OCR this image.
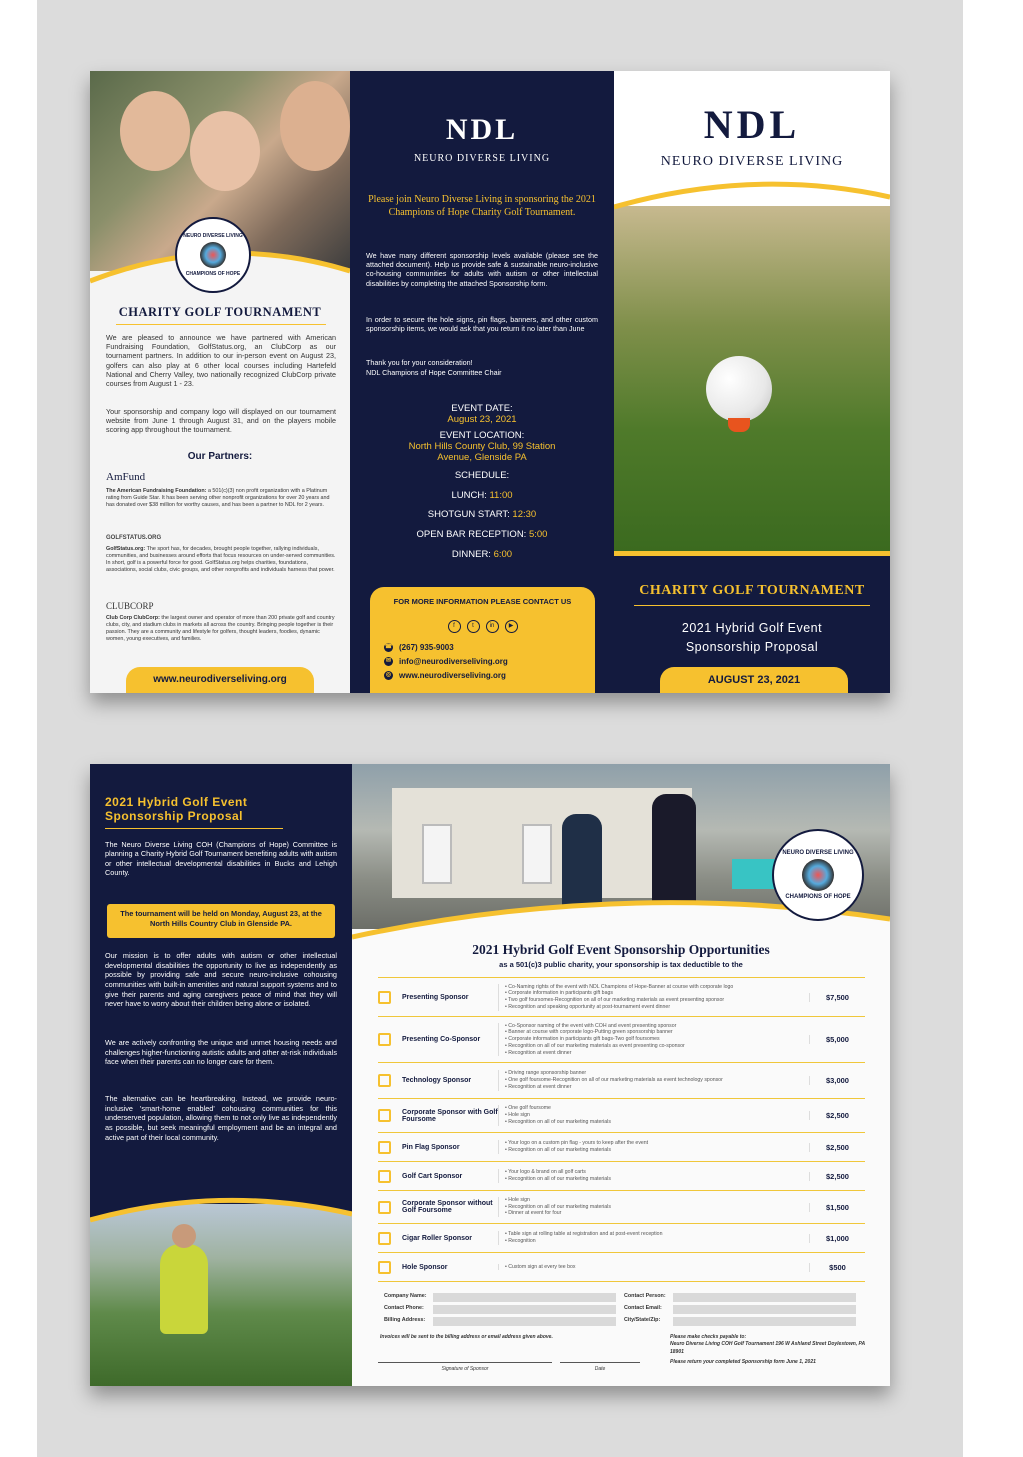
NEURO DIVERSE LIVING
CHAMPIONS OF HOPE
CHARITY GOLF TOURNAMENT

We are pleased to announce we have partnered with American Fundraising Foundation, GolfStatus.org, an ClubCorp as our tournament partners. In addition to our in-person event on August 23, golfers can also play at 6 other local courses including Hartefeld National and Cherry Valley, two nationally recognized ClubCorp private courses from August 1 - 23.

Your sponsorship and company logo will displayed on our tournament website from June 1 through August 31, and on the players mobile scoring app throughout the tournament.

Our Partners:
AmFund

The American Fundraising Foundation: a 501(c)(3) non profit organization with a Platinum rating from Guide Star. It has been serving other nonprofit organizations for over 20 years and has donated over $38 million for worthy causes, and has been a partner to NDL for 2 years.

GOLFSTATUS.ORG

GolfStatus.org: The sport has, for decades, brought people together, rallying individuals, communities, and businesses around efforts that focus resources on under-served communities. In short, golf is a powerful force for good. GolfStatus.org helps charities, foundations, associations, social clubs, civic groups, and other nonprofits and individuals harness that power.

CLUBCORP

Club Corp ClubCorp: the largest owner and operator of more than 200 private golf and country clubs, city, and stadium clubs in markets all across the country. Bringing people together is their passion. They are a community and lifestyle for golfers, thought leaders, foodies, dynamic women, young executives, and families.

www.neurodiverseliving.org
NDL
NEURO DIVERSE LIVING

Please join Neuro Diverse Living in sponsoring the 2021 Champions of Hope Charity Golf Tournament.

We have many different sponsorship levels available (please see the attached document). Help us provide safe & sustainable neuro-inclusive co-housing communities for adults with autism or other intellectual disabilities by completing the attached Sponsorship form.

In order to secure the hole signs, pin flags, banners, and other custom sponsorship items, we would ask that you return it no later than June

Thank you for your consideration!

NDL Champions of Hope Committee Chair

EVENT DATE:
August 23, 2021
EVENT LOCATION:
North Hills County Club, 99 Station Avenue, Glenside PA
SCHEDULE:
LUNCH: 11:00
SHOTGUN START: 12:30
OPEN BAR RECEPTION: 5:00
DINNER: 6:00
FOR MORE INFORMATION PLEASE CONTACT US
f	t	in ▶
☎ (267) 935-9003
✉ info@neurodiverseliving.org
◎ www.neurodiverseliving.org
NDL
NEURO DIVERSE LIVING
CHARITY GOLF TOURNAMENT
2021 Hybrid Golf Event
Sponsorship Proposal
AUGUST 23, 2021
2021 Hybrid Golf Event
Sponsorship Proposal

The Neuro Diverse Living COH (Champions of Hope) Committee is planning a Charity Hybrid Golf Tournament benefiting adults with autism or other intellectual developmental disabilities in Bucks and Lehigh County.

The tournament will be held on Monday, August 23, at the North Hills Country Club in Glenside PA.

Our mission is to offer adults with autism or other intellectual developmental disabilities the opportunity to live as independently as possible by providing safe and secure neuro-inclusive cohousing communities with built-in amenities and natural support systems and to give their parents and aging caregivers peace of mind that they will never have to worry about their children being alone or isolated.

We are actively confronting the unique and unmet housing needs and challenges higher-functioning autistic adults and other at-risk individuals face when their parents can no longer care for them.

The alternative can be heartbreaking. Instead, we provide neuro-inclusive 'smart-home enabled' cohousing communities for this underserved population, allowing them to not only live as independently as possible, but seek meaningful employment and be an integral and active part of their local community.

NEURO DIVERSE LIVING
CHAMPIONS OF HOPE
2021 Hybrid Golf Event Sponsorship Opportunities
as a 501(c)3 public charity, your sponsorship is tax deductible to the
Presenting Sponsor
• Co-Naming rights of the event with NDL Champions of Hope-Banner at course with corporate logo
• Corporate information in participants gift bags
• Two golf foursomes-Recognition on all of our marketing materials as event presenting sponsor
• Recognition and speaking opportunity at post-tournament event dinner
$7,500
Presenting Co-Sponsor
• Co-Sponsor naming of the event with COH and event presenting sponsor
• Banner at course with corporate logo-Putting green sponsorship banner
• Corporate information in participants gift bags-Two golf foursomes
• Recognition on all of our marketing materials as event presenting co-sponsor
• Recognition at event dinner
$5,000
Technology Sponsor
• Driving range sponsorship banner
• One golf foursome-Recognition on all of our marketing materials as event technology sponsor
• Recognition at event dinner
$3,000
Corporate Sponsor with Golf Foursome
• One golf foursome
• Hole sign
• Recognition on all of our marketing materials
$2,500
Pin Flag Sponsor
• Your logo on a custom pin flag - yours to keep after the event
• Recognition on all of our marketing materials	$2,500
Golf Cart Sponsor
• Your logo & brand on all golf carts
• Recognition on all of our marketing materials	$2,500
Corporate Sponsor without Golf Foursome
• Hole sign
• Recognition on all of our marketing materials
• Dinner at event for four
$1,500
Cigar Roller Sponsor
• Table sign at rolling table at registration and at post-event reception
• Recognition	$1,000
Hole Sponsor	• Custom sign at every tee box	$500
Company Name:	Contact Person:
Contact Phone:	Contact Email:
Billing Address:	City/State/Zip:
Invoices will be sent to the billing address or email address given above.	Please make checks payable to:
Neuro Diverse Living COH Golf Tournament 196 W Ashland Street Doylestown, PA 18901
Please return your completed Sponsorship form June 1, 2021
Signature of Sponsor	Date
